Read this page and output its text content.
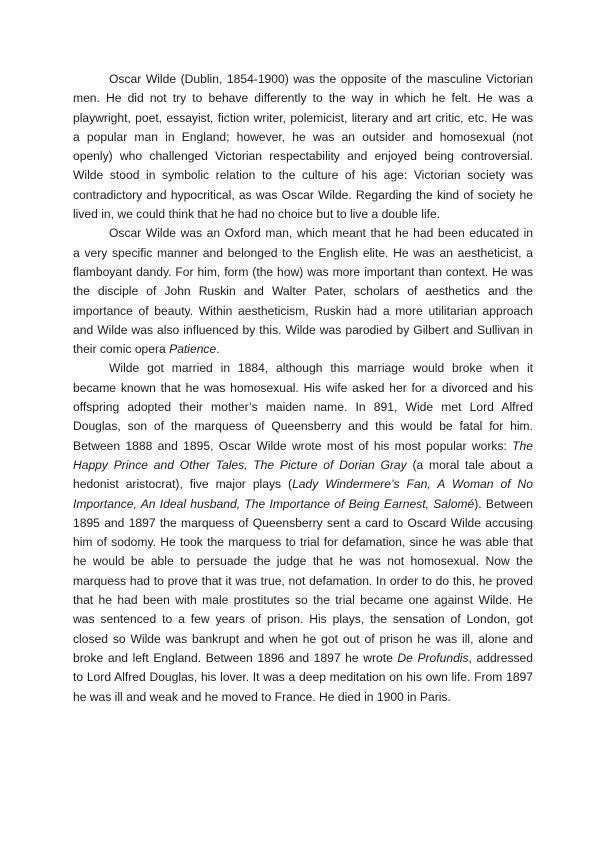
Oscar Wilde (Dublin, 1854-1900) was the opposite of the masculine Victorian
men. He did not try to behave differently to the way in which he felt. He was a
playwright, poet, essayist, fiction writer, polemicist, literary and art critic, etc. He was
a popular man in England; however, he was an outsider and homosexual (not
openly) who challenged Victorian respectability and enjoyed being controversial.
Wilde stood in symbolic relation to the culture of his age: Victorian society was
contradictory and hypocritical, as was Oscar Wilde. Regarding the kind of society he
lived in, we could think that he had no choice but to live a double life.
Oscar Wilde was an Oxford man, which meant that he had been educated in
a very specific manner and belonged to the English elite. He was an aestheticist, a
flamboyant dandy. For him, form (the how) was more important than context. He was
the disciple of John Ruskin and Walter Pater, scholars of aesthetics and the
importance of beauty. Within aestheticism, Ruskin had a more utilitarian approach
and Wilde was also influenced by this. Wilde was parodied by Gilbert and Sullivan in
their comic opera Patience.
Wilde got married in 1884, although this marriage would broke when it
became known that he was homosexual. His wife asked her for a divorced and his
offspring adopted their mother’s maiden name. In 891, Wide met Lord Alfred
Douglas, son of the marquess of Queensberry and this would be fatal for him.
Between 1888 and 1895, Oscar Wilde wrote most of his most popular works: The
Happy Prince and Other Tales, The Picture of Dorian Gray (a moral tale about a
hedonist aristocrat), five major plays (Lady Windermere’s Fan, A Woman of No
Importance, An Ideal husband, The Importance of Being Earnest, Salomé). Between
1895 and 1897 the marquess of Queensberry sent a card to Oscard Wilde accusing
him of sodomy. He took the marquess to trial for defamation, since he was able that
he would be able to persuade the judge that he was not homosexual. Now the
marquess had to prove that it was true, not defamation. In order to do this, he proved
that he had been with male prostitutes so the trial became one against Wilde. He
was sentenced to a few years of prison. His plays, the sensation of London, got
closed so Wilde was bankrupt and when he got out of prison he was ill, alone and
broke and left England. Between 1896 and 1897 he wrote De Profundis, addressed
to Lord Alfred Douglas, his lover. It was a deep meditation on his own life. From 1897
he was ill and weak and he moved to France. He died in 1900 in Paris.
